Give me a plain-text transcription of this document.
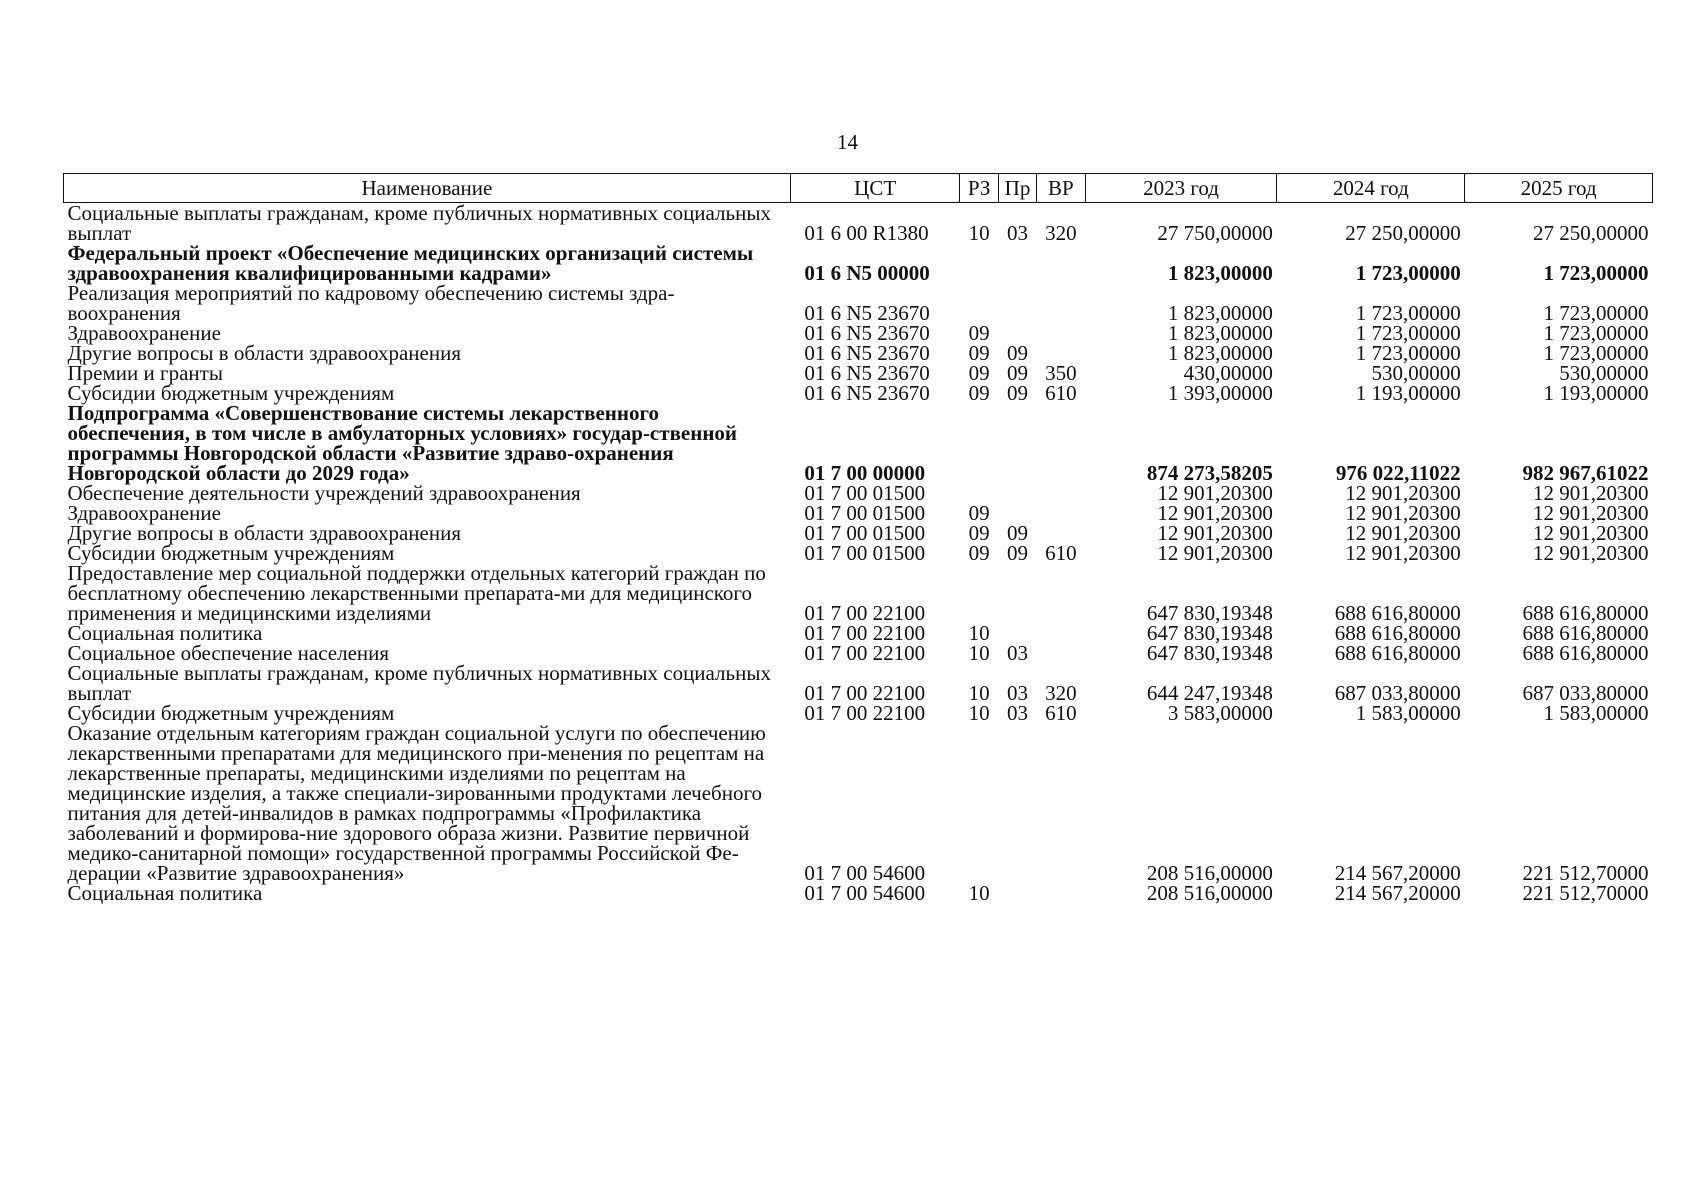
14
Наименование	ЦСТ	РЗ	Пр	ВР	2023 год	2024 год	2025 год
Социальные выплаты гражданам, кроме публичных нормативных социальных выплат	01 6 00 R1380	10	03	320	27 750,00000	27 250,00000	27 250,00000
Федеральный проект «Обеспечение медицинских организаций системы здравоохранения квалифицированными кадрами»	01 6 N5 00000				1 823,00000	1 723,00000	1 723,00000
Реализация мероприятий по кадровому обеспечению системы здра-воохранения	01 6 N5 23670				1 823,00000	1 723,00000	1 723,00000
Здравоохранение	01 6 N5 23670	09			1 823,00000	1 723,00000	1 723,00000
Другие вопросы в области здравоохранения	01 6 N5 23670	09	09		1 823,00000	1 723,00000	1 723,00000
Премии и гранты	01 6 N5 23670	09	09	350	430,00000	530,00000	530,00000
Субсидии бюджетным учреждениям	01 6 N5 23670	09	09	610	1 393,00000	1 193,00000	1 193,00000
Подпрограмма «Совершенствование системы лекарственного обеспечения, в том числе в амбулаторных условиях» государ-ственной программы Новгородской области «Развитие здраво-охранения Новгородской области до 2029 года»	01 7 00 00000				874 273,58205	976 022,11022	982 967,61022
Обеспечение деятельности учреждений здравоохранения	01 7 00 01500				12 901,20300	12 901,20300	12 901,20300
Здравоохранение	01 7 00 01500	09			12 901,20300	12 901,20300	12 901,20300
Другие вопросы в области здравоохранения	01 7 00 01500	09	09		12 901,20300	12 901,20300	12 901,20300
Субсидии бюджетным учреждениям	01 7 00 01500	09	09	610	12 901,20300	12 901,20300	12 901,20300
Предоставление мер социальной поддержки отдельных категорий граждан по бесплатному обеспечению лекарственными препарата-ми для медицинского применения и медицинскими изделиями	01 7 00 22100				647 830,19348	688 616,80000	688 616,80000
Социальная политика	01 7 00 22100	10			647 830,19348	688 616,80000	688 616,80000
Социальное обеспечение населения	01 7 00 22100	10	03		647 830,19348	688 616,80000	688 616,80000
Социальные выплаты гражданам, кроме публичных нормативных социальных выплат	01 7 00 22100	10	03	320	644 247,19348	687 033,80000	687 033,80000
Субсидии бюджетным учреждениям	01 7 00 22100	10	03	610	3 583,00000	1 583,00000	1 583,00000
Оказание отдельным категориям граждан социальной услуги по обеспечению лекарственными препаратами для медицинского при-менения по рецептам на лекарственные препараты, медицинскими изделиями по рецептам на медицинские изделия, а также специали-зированными продуктами лечебного питания для детей-инвалидов в рамках подпрограммы «Профилактика заболеваний и формирова-ние здорового образа жизни. Развитие первичной медико-санитарной помощи» государственной программы Российской Фе-дерации «Развитие здравоохранения»	01 7 00 54600				208 516,00000	214 567,20000	221 512,70000
Социальная политика	01 7 00 54600	10			208 516,00000	214 567,20000	221 512,70000
